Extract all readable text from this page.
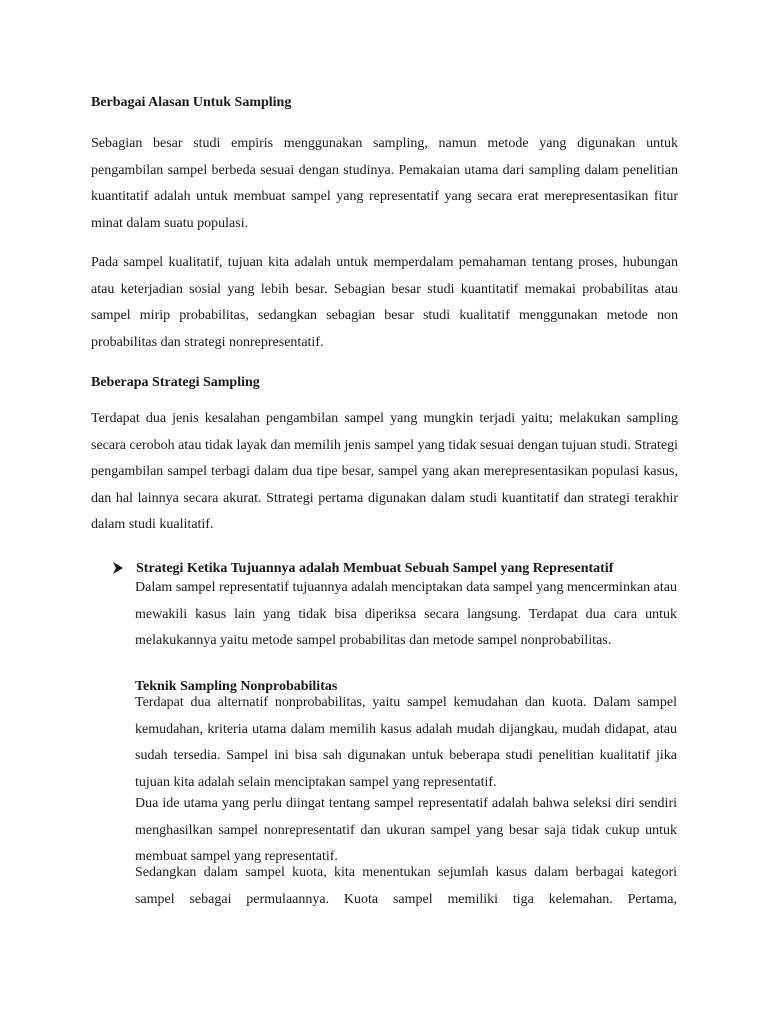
Berbagai Alasan Untuk Sampling

Sebagian besar studi empiris menggunakan sampling, namun metode yang digunakan untuk pengambilan sampel berbeda sesuai dengan studinya. Pemakaian utama dari sampling dalam penelitian kuantitatif adalah untuk membuat sampel yang representatif yang secara erat merepresentasikan fitur minat dalam suatu populasi.

Pada sampel kualitatif, tujuan kita adalah untuk memperdalam pemahaman tentang proses, hubungan atau keterjadian sosial yang lebih besar. Sebagian besar studi kuantitatif memakai probabilitas atau sampel mirip probabilitas, sedangkan sebagian besar studi kualitatif menggunakan metode non probabilitas dan strategi nonrepresentatif.

Beberapa Strategi Sampling

Terdapat dua jenis kesalahan pengambilan sampel yang mungkin terjadi yaitu; melakukan sampling secara ceroboh atau tidak layak dan memilih jenis sampel yang tidak sesuai dengan tujuan studi. Strategi pengambilan sampel terbagi dalam dua tipe besar, sampel yang akan merepresentasikan populasi kasus, dan hal lainnya secara akurat. Sttrategi pertama digunakan dalam studi kuantitatif dan strategi terakhir dalam studi kualitatif.

Strategi Ketika Tujuannya adalah Membuat Sebuah Sampel yang Representatif

Dalam sampel representatif tujuannya adalah menciptakan data sampel yang mencerminkan atau mewakili kasus lain yang tidak bisa diperiksa secara langsung. Terdapat dua cara untuk melakukannya yaitu metode sampel probabilitas dan metode sampel nonprobabilitas.

Teknik Sampling Nonprobabilitas

Terdapat dua alternatif nonprobabilitas, yaitu sampel kemudahan dan kuota. Dalam sampel kemudahan, kriteria utama dalam memilih kasus adalah mudah dijangkau, mudah didapat, atau sudah tersedia. Sampel ini bisa sah digunakan untuk beberapa studi penelitian kualitatif jika tujuan kita adalah selain menciptakan sampel yang representatif.

Dua ide utama yang perlu diingat tentang sampel representatif adalah bahwa seleksi diri sendiri menghasilkan sampel nonrepresentatif dan ukuran sampel yang besar saja tidak cukup untuk membuat sampel yang representatif.

Sedangkan dalam sampel kuota, kita menentukan sejumlah kasus dalam berbagai kategori sampel sebagai permulaannya. Kuota sampel memiliki tiga kelemahan. Pertama,
